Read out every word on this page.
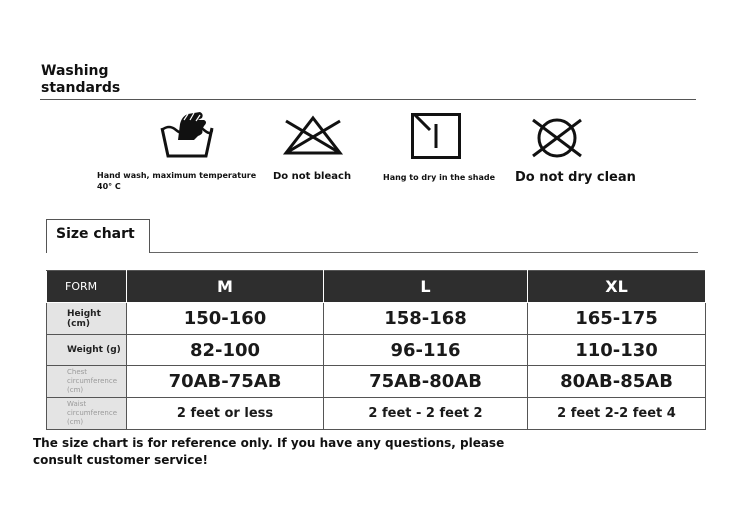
Washing standards
Hand wash, maximum temperature
40° C
Do not bleach	Hang to dry in the shade Do not dry clean
Size chart
FORM	M	L	XL
Height (cm)	150-160	158-168	165-175
Weight (g)	82-100	96-116	110-130
Chest circumference (cm)	70AB-75AB	75AB-80AB	80AB-85AB
Waist circumference (cm)	2 feet or less	2 feet - 2 feet 2	2 feet 2-2 feet 4
The size chart is for reference only. If you have any questions, please consult customer service!
